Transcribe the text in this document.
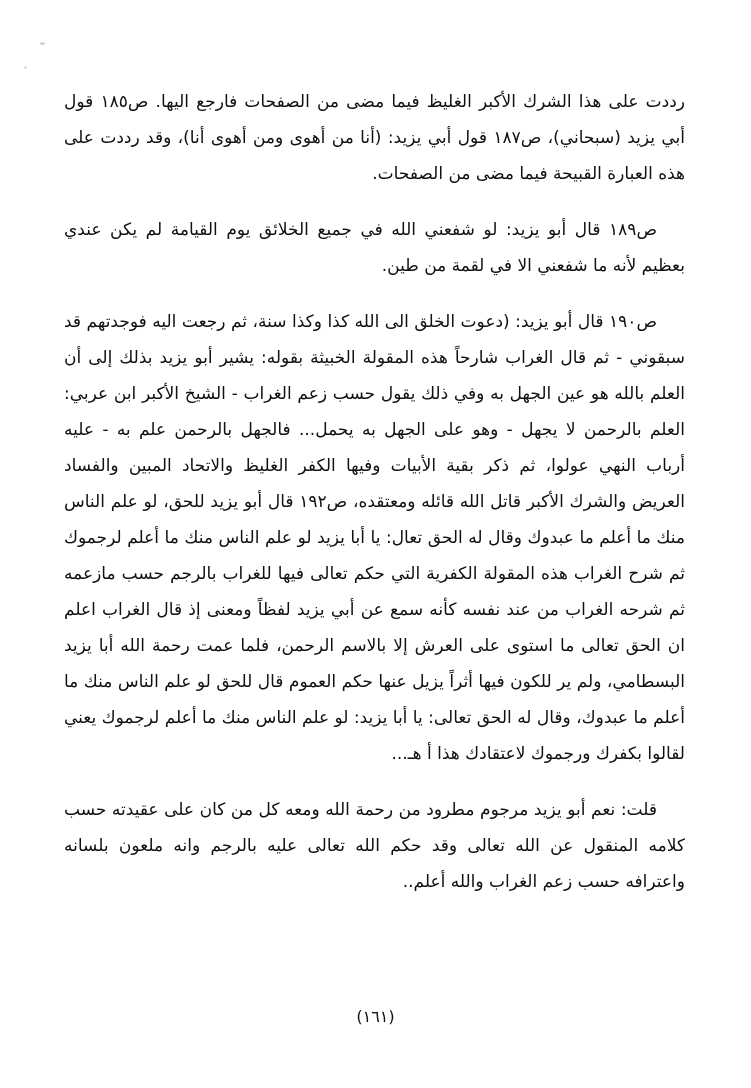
رددت على هذا الشرك الأكبر الغليظ فيما مضى من الصفحات فارجع اليها. ص١٨٥ قول أبي يزيد (سبحاني)، ص١٨٧ قول أبي يزيد: (أنا من أهوى ومن أهوى أنا)، وقد رددت على هذه العبارة القبيحة فيما مضى من الصفحات.

ص١٨٩ قال أبو يزيد: لو شفعني الله في جميع الخلائق يوم القيامة لم يكن عندي بعظيم لأنه ما شفعني الا في لقمة من طين.

ص١٩٠ قال أبو يزيد: (دعوت الخلق الى الله كذا وكذا سنة، ثم رجعت اليه فوجدتهم قد سبقوني - ثم قال الغراب شارحاً هذه المقولة الخبيثة بقوله: يشير أبو يزيد بذلك إلى أن العلم بالله هو عين الجهل به وفي ذلك يقول حسب زعم الغراب - الشيخ الأكبر ابن عربي: العلم بالرحمن لا يجهل - وهو على الجهل به يحمل... فالجهل بالرحمن علم به - عليه أرباب النهي عولوا، ثم ذكر بقية الأبيات وفيها الكفر الغليظ والاتحاد المبين والفساد العريض والشرك الأكبر قاتل الله قائله ومعتقده، ص١٩٢ قال أبو يزيد للحق، لو علم الناس منك ما أعلم ما عبدوك وقال له الحق تعال: يا أبا يزيد لو علم الناس منك ما أعلم لرجموك ثم شرح الغراب هذه المقولة الكفرية التي حكم تعالى فيها للغراب بالرجم حسب مازعمه ثم شرحه الغراب من عند نفسه كأنه سمع عن أبي يزيد لفظاً ومعنى إذ قال الغراب اعلم ان الحق تعالى ما استوى على العرش إلا بالاسم الرحمن، فلما عمت رحمة الله أبا يزيد البسطامي، ولم ير للكون فيها أثراً يزيل عنها حكم العموم قال للحق لو علم الناس منك ما أعلم ما عبدوك، وقال له الحق تعالى: يا أبا يزيد: لو علم الناس منك ما أعلم لرجموك يعني لقالوا بكفرك ورجموك لاعتقادك هذا أ هـ...

قلت: نعم أبو يزيد مرجوم مطرود من رحمة الله ومعه كل من كان على عقيدته حسب كلامه المنقول عن الله تعالى وقد حكم الله تعالى عليه بالرجم وانه ملعون بلسانه واعترافه حسب زعم الغراب والله أعلم..

(١٦١)
